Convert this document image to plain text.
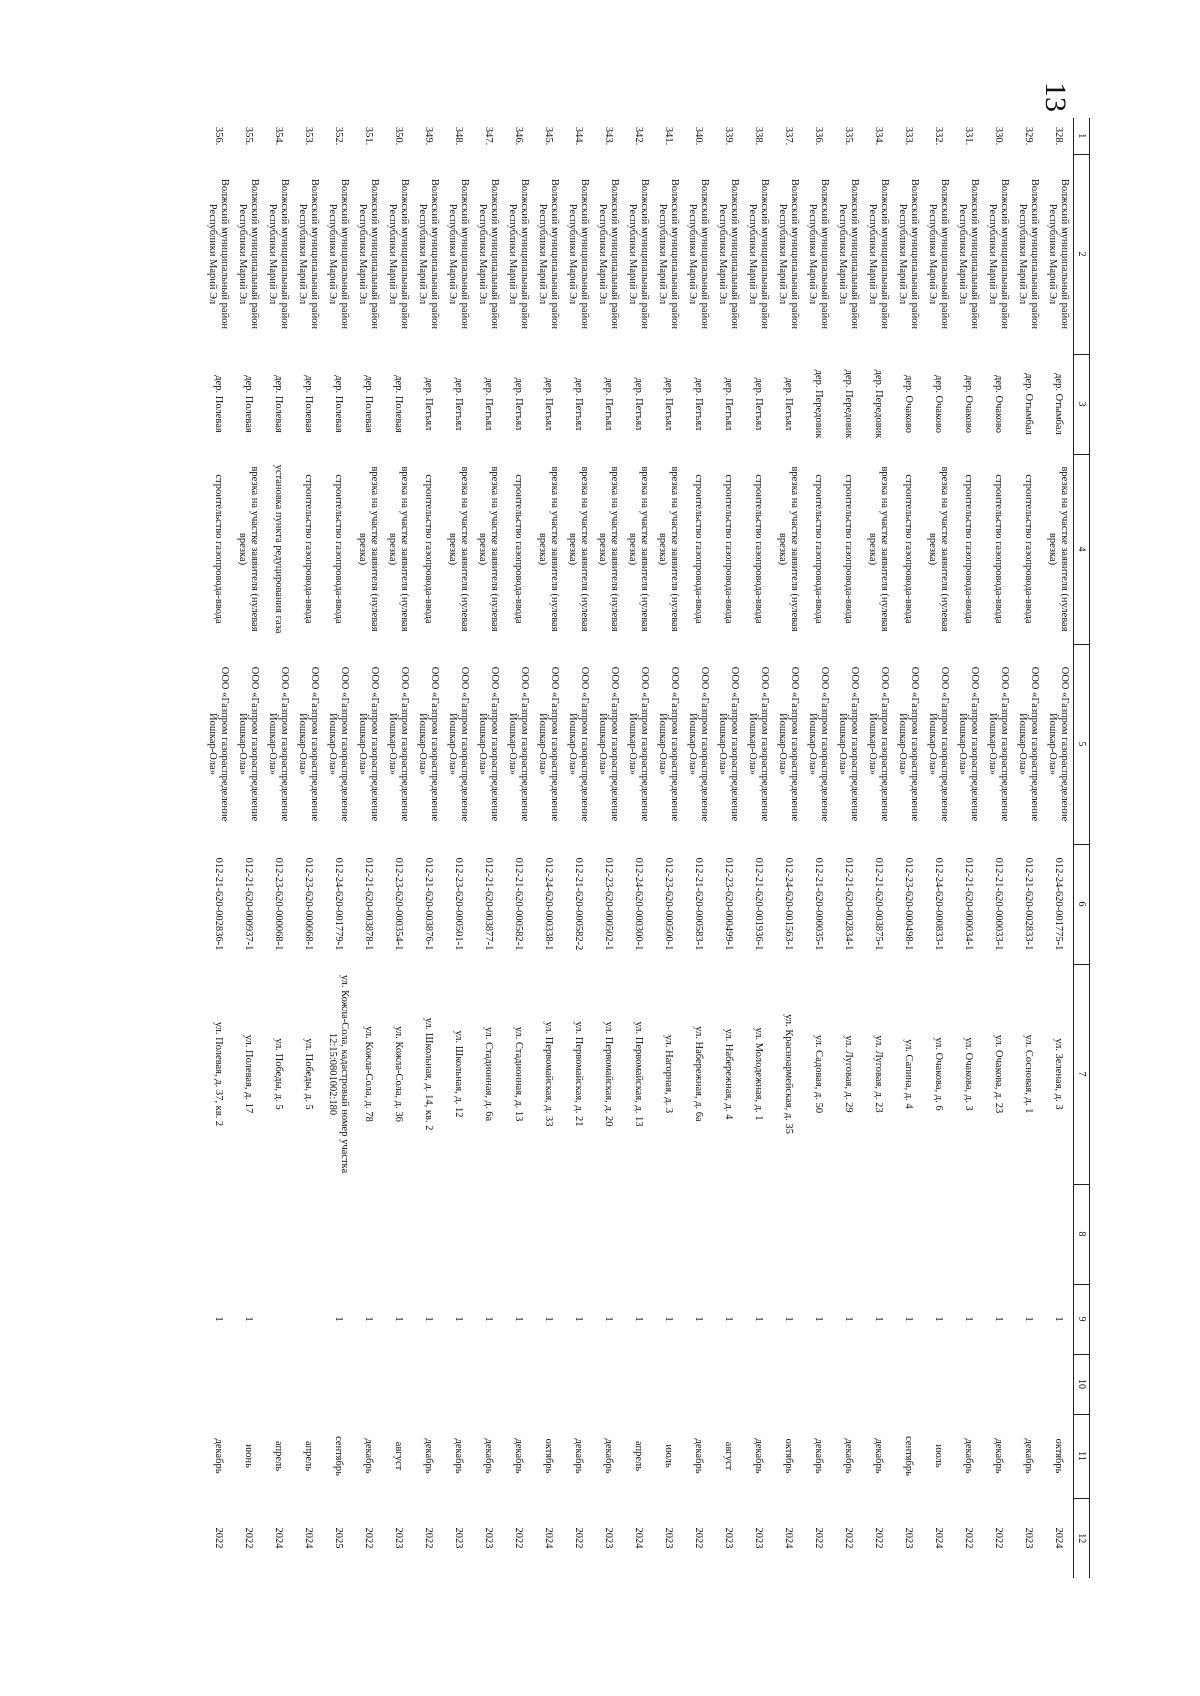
13
1	2	3	4	5	6	7	8	9	10	11	12
328.	Волжский муниципальный район Республики Марий Эл	дер. Отымбал	врезка на участке заявителя (нулевая врезка)	ООО «Газпром газораспределение Йошкар-Ола»	012-24-620-001775-1	ул. Зеленая, д. 3		1		октябрь	2024
329.	Волжский муниципальный район Республики Марий Эл	дер. Отымбал	строительство газопровода-ввода	ООО «Газпром газораспределение Йошкар-Ола»	012-21-620-002833-1	ул. Сосновая, д. 1		1		декабрь	2023
330.	Волжский муниципальный район Республики Марий Эл	дер. Очаково	строительство газопровода-ввода	ООО «Газпром газораспределение Йошкар-Ола»	012-21-620-000033-1	ул. Очакова, д. 23		1		декабрь	2022
331.	Волжский муниципальный район Республики Марий Эл	дер. Очаково	строительство газопровода-ввода	ООО «Газпром газораспределение Йошкар-Ола»	012-21-620-000034-1	ул. Очакова, д. 3		1		декабрь	2022
332.	Волжский муниципальный район Республики Марий Эл	дер. Очаково	врезка на участке заявителя (нулевая врезка)	ООО «Газпром газораспределение Йошкар-Ола»	012-24-620-000833-1	ул. Очакова, д. 6		1		июль	2024
333.	Волжский муниципальный район Республики Марий Эл	дер. Очаково	строительство газопровода-ввода	ООО «Газпром газораспределение Йошкар-Ола»	012-23-620-000498-1	ул. Сапина, д. 4		1		сентябрь	2023
334.	Волжский муниципальный район Республики Марий Эл	дер. Передовик	врезка на участке заявителя (нулевая врезка)	ООО «Газпром газораспределение Йошкар-Ола»	012-21-620-003875-1	ул. Луговая, д. 23		1		декабрь	2022
335.	Волжский муниципальный район Республики Марий Эл	дер. Передовик	строительство газопровода-ввода	ООО «Газпром газораспределение Йошкар-Ола»	012-21-620-002834-1	ул. Луговая, д. 29		1		декабрь	2022
336.	Волжский муниципальный район Республики Марий Эл	дер. Передовик	строительство газопровода-ввода	ООО «Газпром газораспределение Йошкар-Ола»	012-21-620-000035-1	ул. Садовая, д. 50		1		декабрь	2022
337.	Волжский муниципальный район Республики Марий Эл	дер. Петъял	врезка на участке заявителя (нулевая врезка)	ООО «Газпром газораспределение Йошкар-Ола»	012-24-620-001563-1	ул. Красноармейская, д. 35		1		октябрь	2024
338.	Волжский муниципальный район Республики Марий Эл	дер. Петъял	строительство газопровода-ввода	ООО «Газпром газораспределение Йошкар-Ола»	012-21-620-001936-1	ул. Молодежная, д. 1		1		декабрь	2023
339.	Волжский муниципальный район Республики Марий Эл	дер. Петъял	строительство газопровода-ввода	ООО «Газпром газораспределение Йошкар-Ола»	012-23-620-000499-1	ул. Набережная, д. 4		1		август	2023
340.	Волжский муниципальный район Республики Марий Эл	дер. Петъял	строительство газопровода-ввода	ООО «Газпром газораспределение Йошкар-Ола»	012-21-620-000583-1	ул. Набережная, д. 6а		1		декабрь	2022
341.	Волжский муниципальный район Республики Марий Эл	дер. Петъял	врезка на участке заявителя (нулевая врезка)	ООО «Газпром газораспределение Йошкар-Ола»	012-23-620-000500-1	ул. Нагорная, д. 3		1		июль	2023
342.	Волжский муниципальный район Республики Марий Эл	дер. Петъял	врезка на участке заявителя (нулевая врезка)	ООО «Газпром газораспределение Йошкар-Ола»	012-24-620-000300-1	ул. Первомайская, д. 13		1		апрель	2024
343.	Волжский муниципальный район Республики Марий Эл	дер. Петъял	врезка на участке заявителя (нулевая врезка)	ООО «Газпром газораспределение Йошкар-Ола»	012-23-620-000502-1	ул. Первомайская, д. 20		1		декабрь	2023
344.	Волжский муниципальный район Республики Марий Эл	дер. Петъял	врезка на участке заявителя (нулевая врезка)	ООО «Газпром газораспределение Йошкар-Ола»	012-21-620-000582-2	ул. Первомайская, д. 21		1		декабрь	2022
345.	Волжский муниципальный район Республики Марий Эл	дер. Петъял	врезка на участке заявителя (нулевая врезка)	ООО «Газпром газораспределение Йошкар-Ола»	012-24-620-000338-1	ул. Первомайская, д. 33		1		октябрь	2024
346.	Волжский муниципальный район Республики Марий Эл	дер. Петъял	строительство газопровода-ввода	ООО «Газпром газораспределение Йошкар-Ола»	012-21-620-000582-1	ул. Стадионная, д. 13		1		декабрь	2022
347.	Волжский муниципальный район Республики Марий Эл	дер. Петъял	врезка на участке заявителя (нулевая врезка)	ООО «Газпром газораспределение Йошкар-Ола»	012-21-620-003877-1	ул. Стадионная, д. 6а		1		декабрь	2023
348.	Волжский муниципальный район Республики Марий Эл	дер. Петъял	врезка на участке заявителя (нулевая врезка)	ООО «Газпром газораспределение Йошкар-Ола»	012-23-620-000501-1	ул. Школьная, д. 12		1		декабрь	2023
349.	Волжский муниципальный район Республики Марий Эл	дер. Петъял	строительство газопровода-ввода	ООО «Газпром газораспределение Йошкар-Ола»	012-21-620-003876-1	ул. Школьная, д. 14, кв. 2		1		декабрь	2022
350.	Волжский муниципальный район Республики Марий Эл	дер. Полевая	врезка на участке заявителя (нулевая врезка)	ООО «Газпром газораспределение Йошкар-Ола»	012-23-620-000354-1	ул. Кожла-Сола, д. 36		1		август	2023
351.	Волжский муниципальный район Республики Марий Эл	дер. Полевая	врезка на участке заявителя (нулевая врезка)	ООО «Газпром газораспределение Йошкар-Ола»	012-21-620-003878-1	ул. Кожла-Сола, д. 78		1		декабрь	2022
352.	Волжский муниципальный район Республики Марий Эл	дер. Полевая	строительство газопровода-ввода	ООО «Газпром газораспределение Йошкар-Ола»	012-24-620-001779-1	ул. Кожла-Сола, кадастровый номер участка 12:15:0801002:180		1		сентябрь	2025
353.	Волжский муниципальный район Республики Марий Эл	дер. Полевая	строительство газопровода-ввода	ООО «Газпром газораспределение Йошкар-Ола»	012-23-620-000068-1	ул. Победы, д. 5				апрель	2024
354.	Волжский муниципальный район Республики Марий Эл	дер. Полевая	установка пункта редуцирования газа	ООО «Газпром газораспределение Йошкар-Ола»	012-23-620-000068-1	ул. Победы, д. 5				апрель	2024
355.	Волжский муниципальный район Республики Марий Эл	дер. Полевая	врезка на участке заявителя (нулевая врезка)	ООО «Газпром газораспределение Йошкар-Ола»	012-21-620-000937-1	ул. Полевая, д. 17		1		июнь	2022
356.	Волжский муниципальный район Республики Марий Эл	дер. Полевая	строительство газопровода-ввода	ООО «Газпром газораспределение Йошкар-Ола»	012-21-620-002836-1	ул. Полевая, д. 37, кв. 2		1		декабрь	2022
